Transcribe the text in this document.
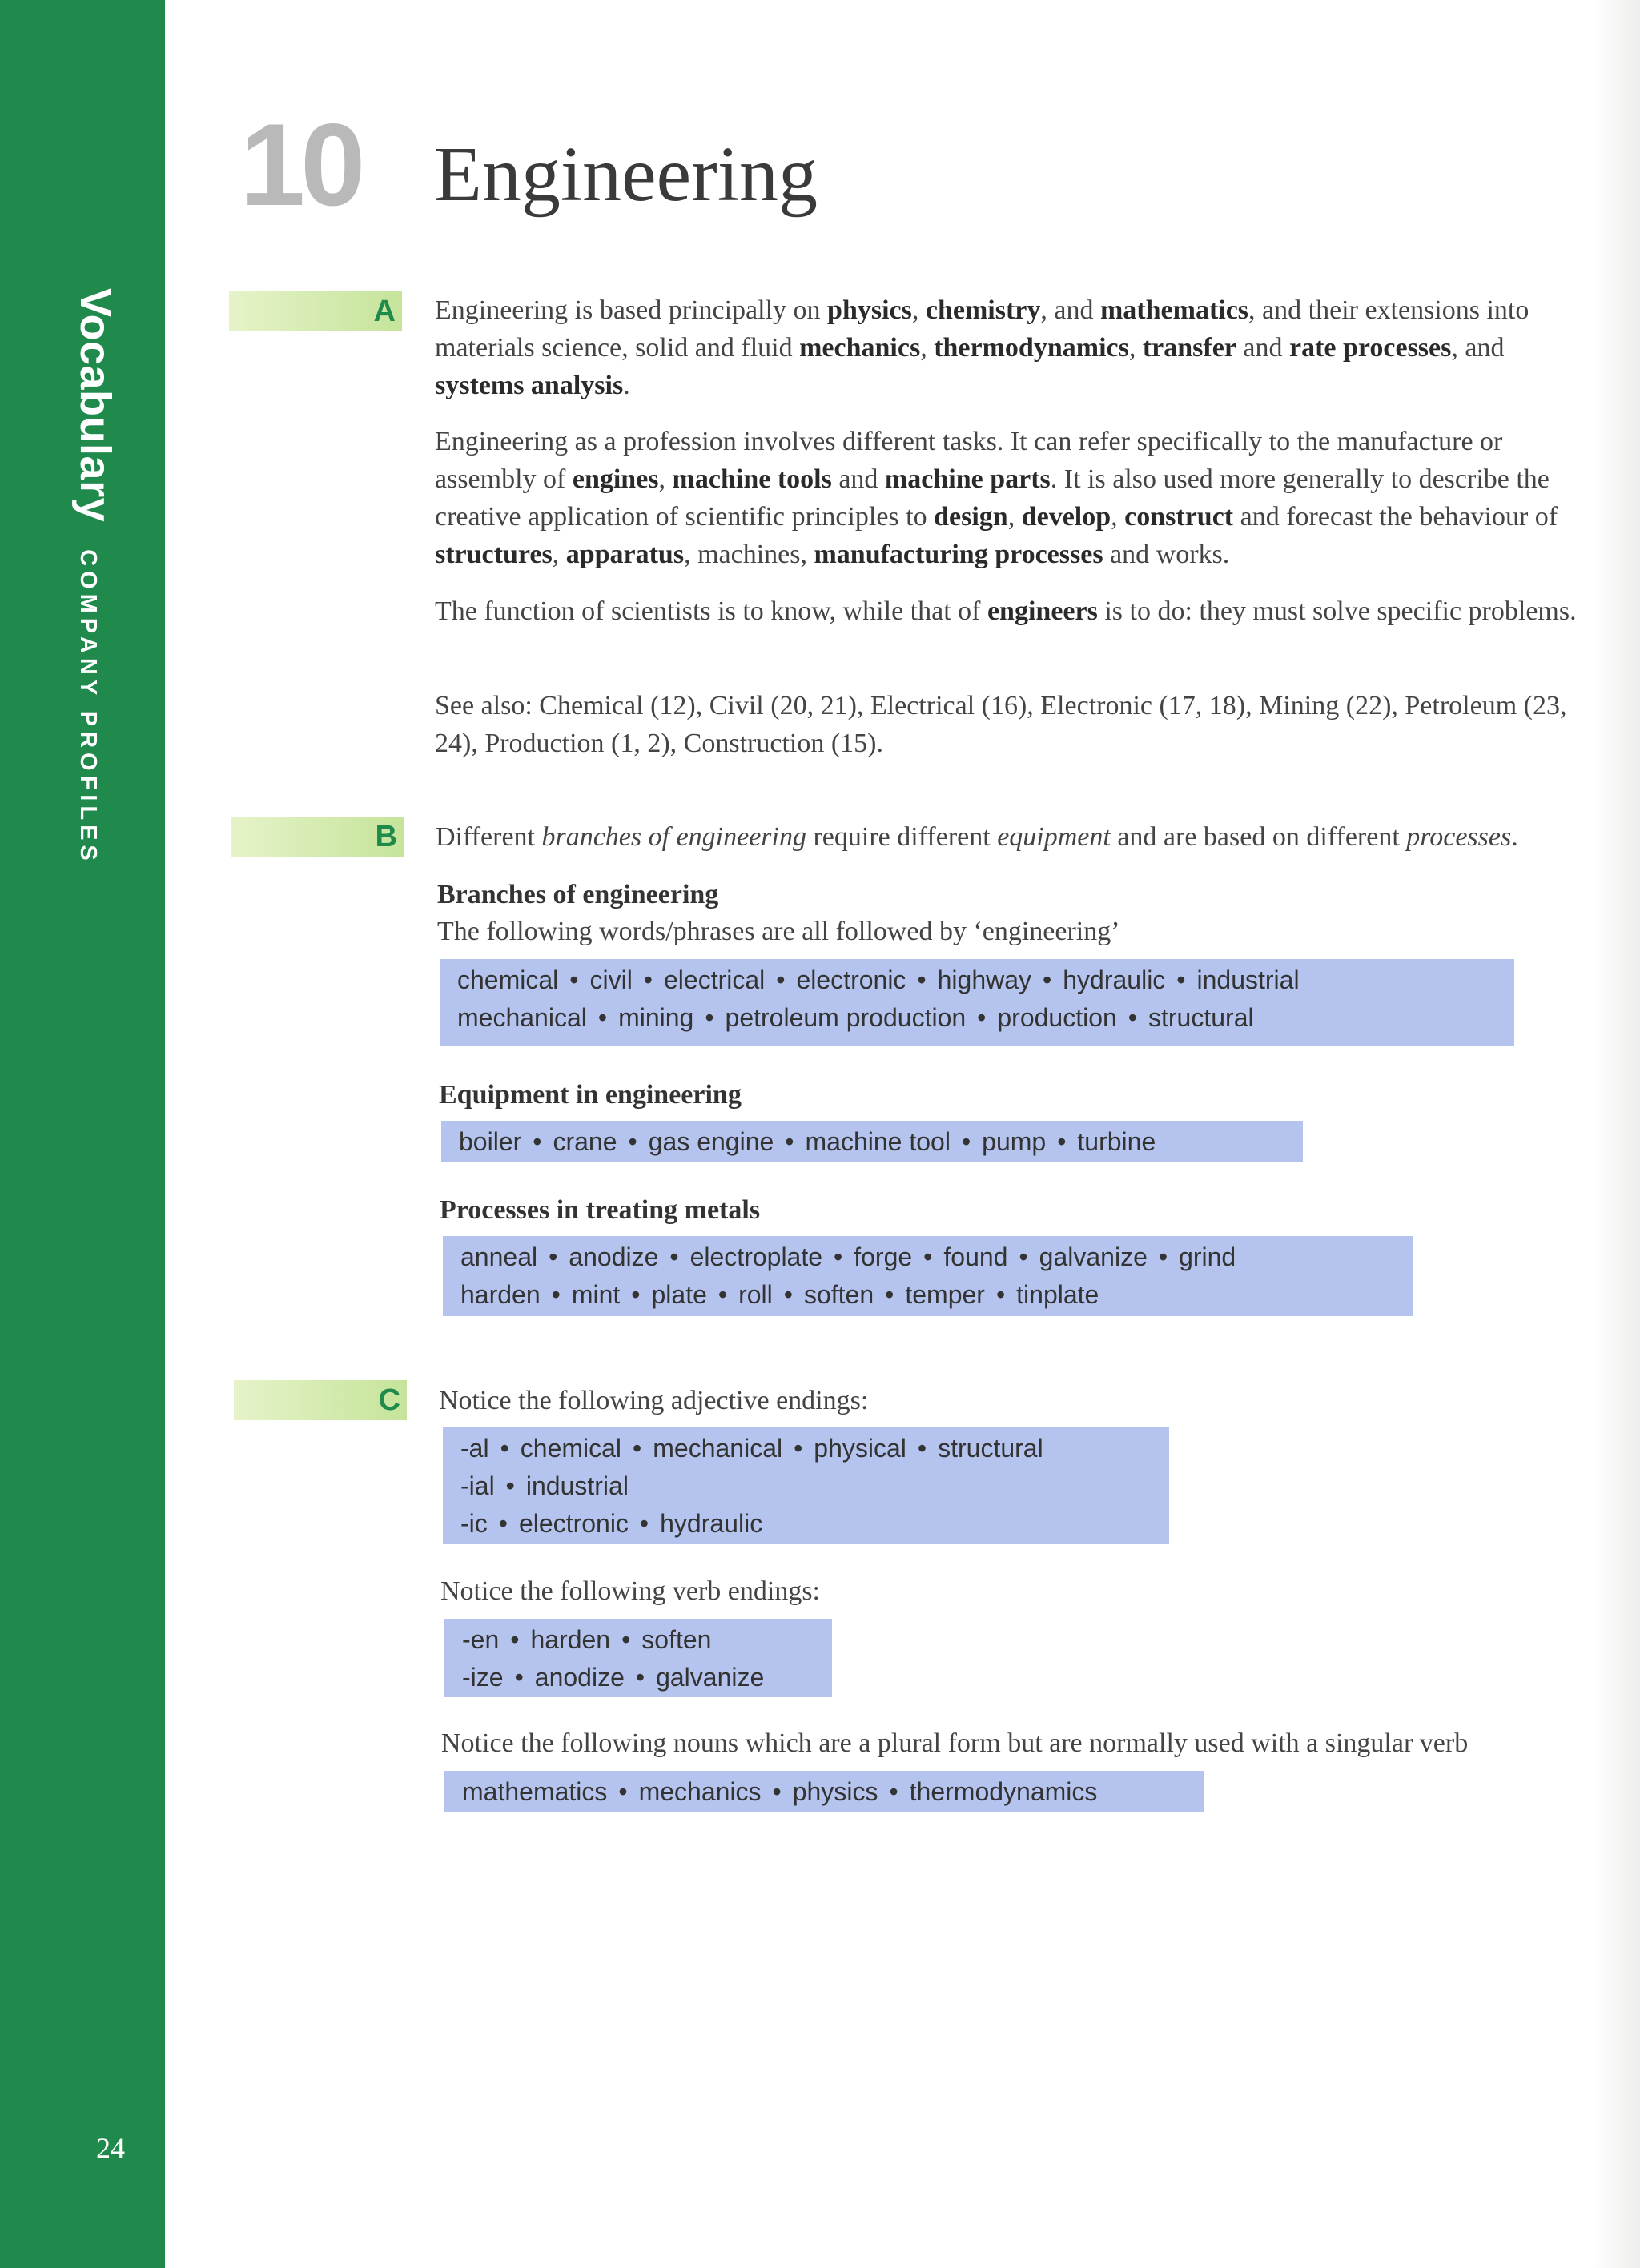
VocabularyCOMPANY PROFILES
24
10 Engineering
A Engineering is based principally on physics, chemistry, and mathematics, and their extensions into materials science, solid and fluid mechanics, thermodynamics, transfer and rate processes, and systems analysis.

Engineering as a profession involves different tasks. It can refer specifically to the manufacture or assembly of engines, machine tools and machine parts. It is also used more generally to describe the creative application of scientific principles to design, develop, construct and forecast the behaviour of structures, apparatus, machines, manufacturing processes and works.

The function of scientists is to know, while that of engineers is to do: they must solve specific problems.

See also: Chemical (12), Civil (20, 21), Electrical (16), Electronic (17, 18), Mining (22), Petroleum (23, 24), Production (1, 2), Construction (15).

B Different branches of engineering require different equipment and are based on different processes.

Branches of engineering
The following words/phrases are all followed by ‘engineering’
chemical • civil • electrical • electronic • highway • hydraulic • industrial
mechanical • mining • petroleum production • production • structural
Equipment in engineering
boiler • crane • gas engine • machine tool • pump • turbine
Processes in treating metals
anneal • anodize • electroplate • forge • found • galvanize • grind
harden • mint • plate • roll • soften • temper • tinplate
C Notice the following adjective endings:
-al • chemical • mechanical • physical • structural
-ial • industrial
-ic • electronic • hydraulic
Notice the following verb endings:
-en • harden • soften
-ize • anodize • galvanize
Notice the following nouns which are a plural form but are normally used with a singular verb
mathematics • mechanics • physics • thermodynamics
